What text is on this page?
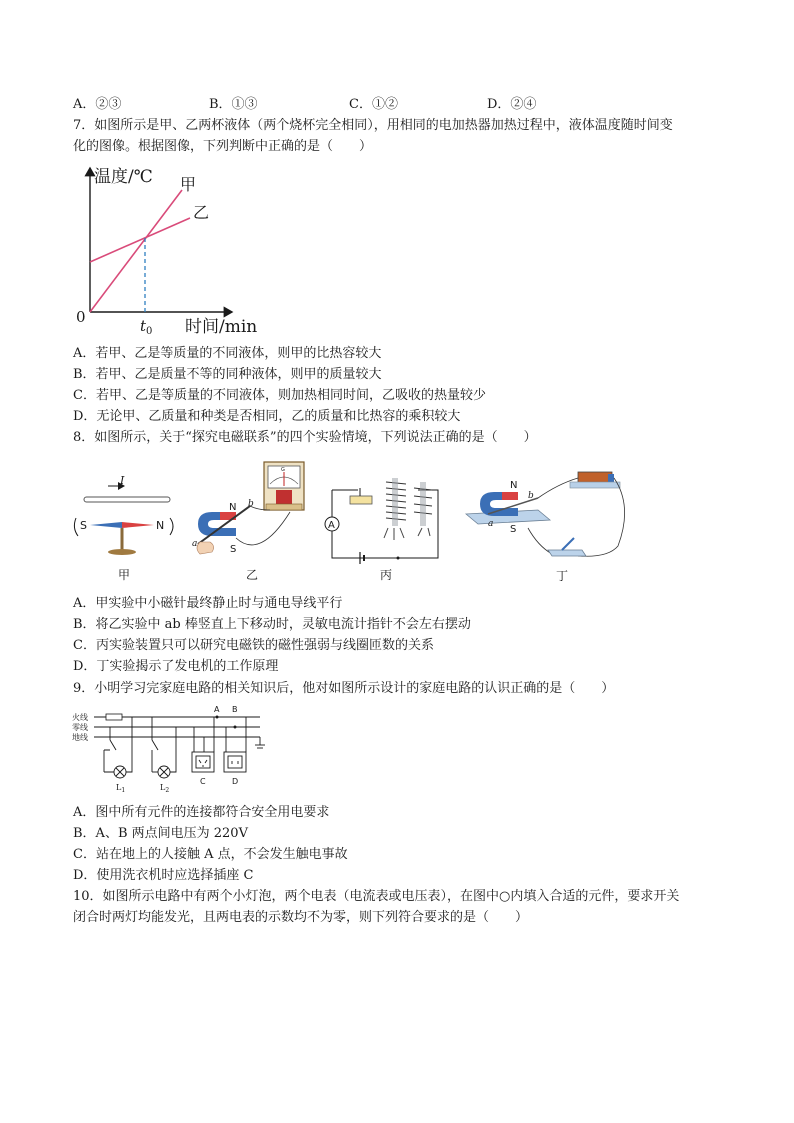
A．②③	B．①③	C．①②	D．②④
7．如图所示是甲、乙两杯液体（两个烧杯完全相同），用相同的电加热器加热过程中，液体温度随时间变
化的图像。根据图像，下列判断中正确的是（　　）
温度/℃
时间/min
0	$t_0$
甲
乙
A．若甲、乙是等质量的不同液体，则甲的比热容较大
B．若甲、乙是质量不等的同种液体，则甲的质量较大
C．若甲、乙是等质量的不同液体，则加热相同时间，乙吸收的热量较少
D．无论甲、乙质量和种类是否相同，乙的质量和比热容的乘积较大
8．如图所示，关于“探究电磁联系”的四个实验情境，下列说法正确的是（　　）
I
S	N
甲
G
N
S
a
b
乙
A
丙
N
S
a
b
丁
A．甲实验中小磁针最终静止时与通电导线平行
B．将乙实验中 ab 棒竖直上下移动时，灵敏电流计指针不会左右摆动
C．丙实验装置只可以研究电磁铁的磁性强弱与线圈匝数的关系
D．丁实验揭示了发电机的工作原理
9．小明学习完家庭电路的相关知识后，他对如图所示设计的家庭电路的认识正确的是（　　）
火线
零线
地线
A B
$L_1$	$L_2$
C	D
A．图中所有元件的连接都符合安全用电要求
B．A、B 两点间电压为 220V
C．站在地上的人接触 A 点，不会发生触电事故
D．使用洗衣机时应选择插座 C
10．如图所示电路中有两个小灯泡，两个电表（电流表或电压表），在图中○内填入合适的元件，要求开关
闭合时两灯均能发光，且两电表的示数均不为零，则下列符合要求的是（　　）
